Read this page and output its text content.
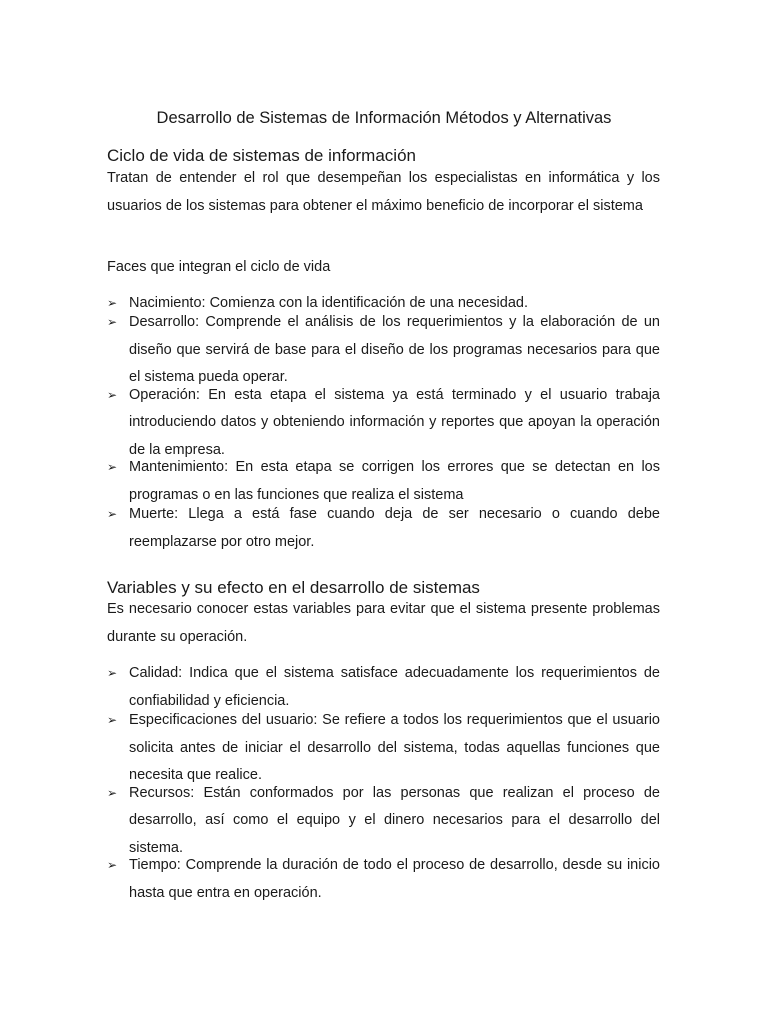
Desarrollo de Sistemas de Información Métodos y Alternativas
Ciclo de vida de sistemas de información

Tratan de entender el rol que desempeñan los especialistas en informática y los usuarios de los sistemas para obtener el máximo beneficio de incorporar el sistema

Faces que integran el ciclo de vida

➢ Nacimiento: Comienza con la identificación de una necesidad.
➢ Desarrollo: Comprende el análisis de los requerimientos y la elaboración de un diseño que servirá de base para el diseño de los programas necesarios para que el sistema pueda operar.
➢ Operación: En esta etapa el sistema ya está terminado y el usuario trabaja introduciendo datos y obteniendo información y reportes que apoyan la operación de la empresa.
➢ Mantenimiento: En esta etapa se corrigen los errores que se detectan en los programas o en las funciones que realiza el sistema
➢ Muerte: Llega a está fase cuando deja de ser necesario o cuando debe reemplazarse por otro mejor.
Variables y su efecto en el desarrollo de sistemas

Es necesario conocer estas variables para evitar que el sistema presente problemas durante su operación.

➢ Calidad: Indica que el sistema satisface adecuadamente los requerimientos de confiabilidad y eficiencia.
➢ Especificaciones del usuario: Se refiere a todos los requerimientos que el usuario solicita antes de iniciar el desarrollo del sistema, todas aquellas funciones que necesita que realice.
➢ Recursos: Están conformados por las personas que realizan el proceso de desarrollo, así como el equipo y el dinero necesarios para el desarrollo del sistema.
➢ Tiempo: Comprende la duración de todo el proceso de desarrollo, desde su inicio hasta que entra en operación.
